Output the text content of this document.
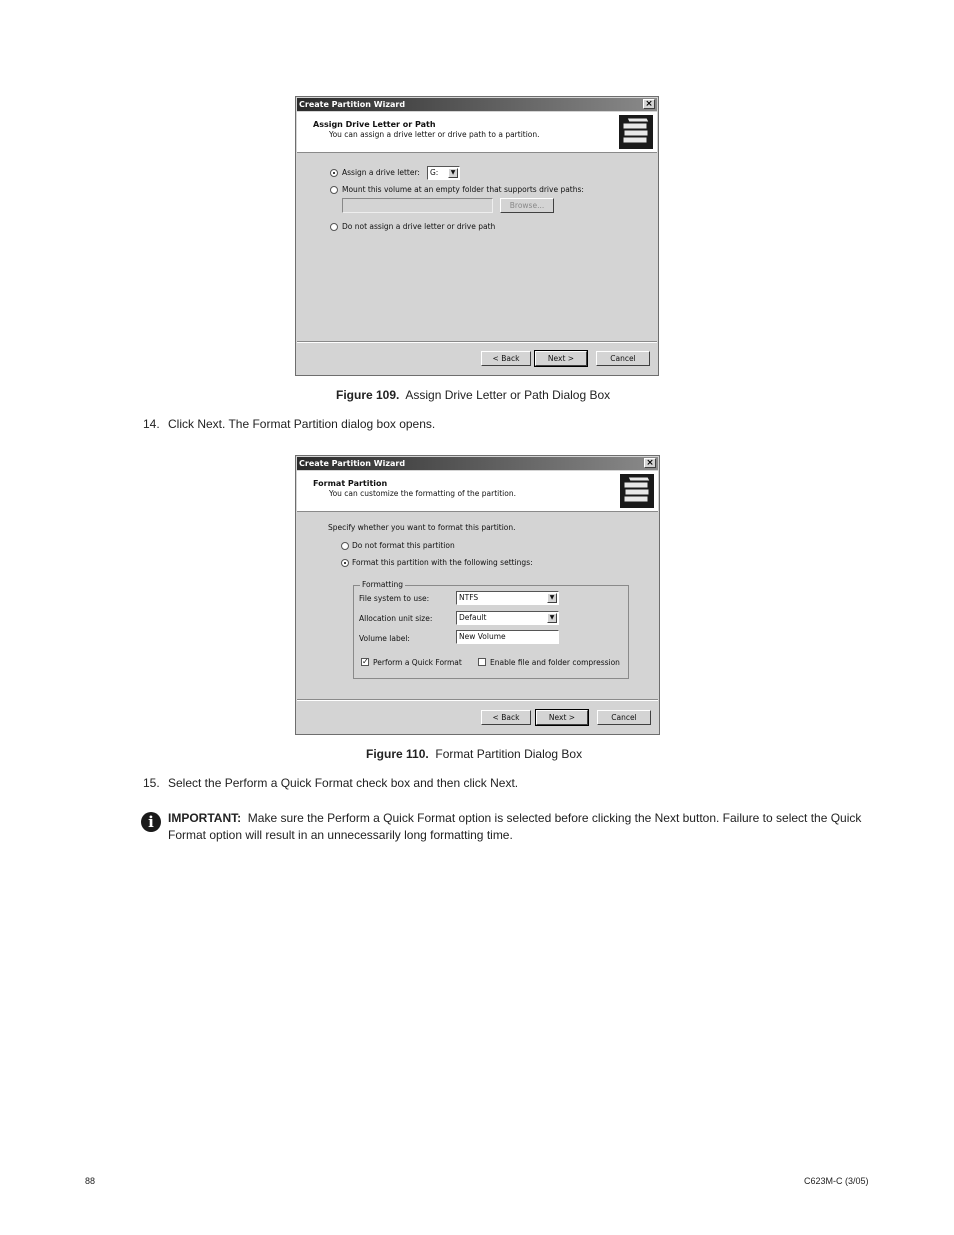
Create Partition Wizard	×
Assign Drive Letter or Path
You can assign a drive letter or drive path to a partition.
Assign a drive letter:	G:	▼
Mount this volume at an empty folder that supports drive paths:
Browse...
Do not assign a drive letter or drive path
< Back	Next >	Cancel
Figure 109. Assign Drive Letter or Path Dialog Box
14. Click Next. The Format Partition dialog box opens.
Create Partition Wizard	×
Format Partition
You can customize the formatting of the partition.
Specify whether you want to format this partition.
Do not format this partition
Format this partition with the following settings:
Formatting
File system to use:	NTFS	▼
Allocation unit size:	Default	▼
Volume label:	New Volume
✓ Perform a Quick Format	Enable file and folder compression
< Back	Next >	Cancel
Figure 110. Format Partition Dialog Box
15. Select the Perform a Quick Format check box and then click Next.
i	IMPORTANT: Make sure the Perform a Quick Format option is selected before clicking the Next button. Failure to select the Quick Format option will result in an unnecessarily long formatting time.
88	C623M-C (3/05)
